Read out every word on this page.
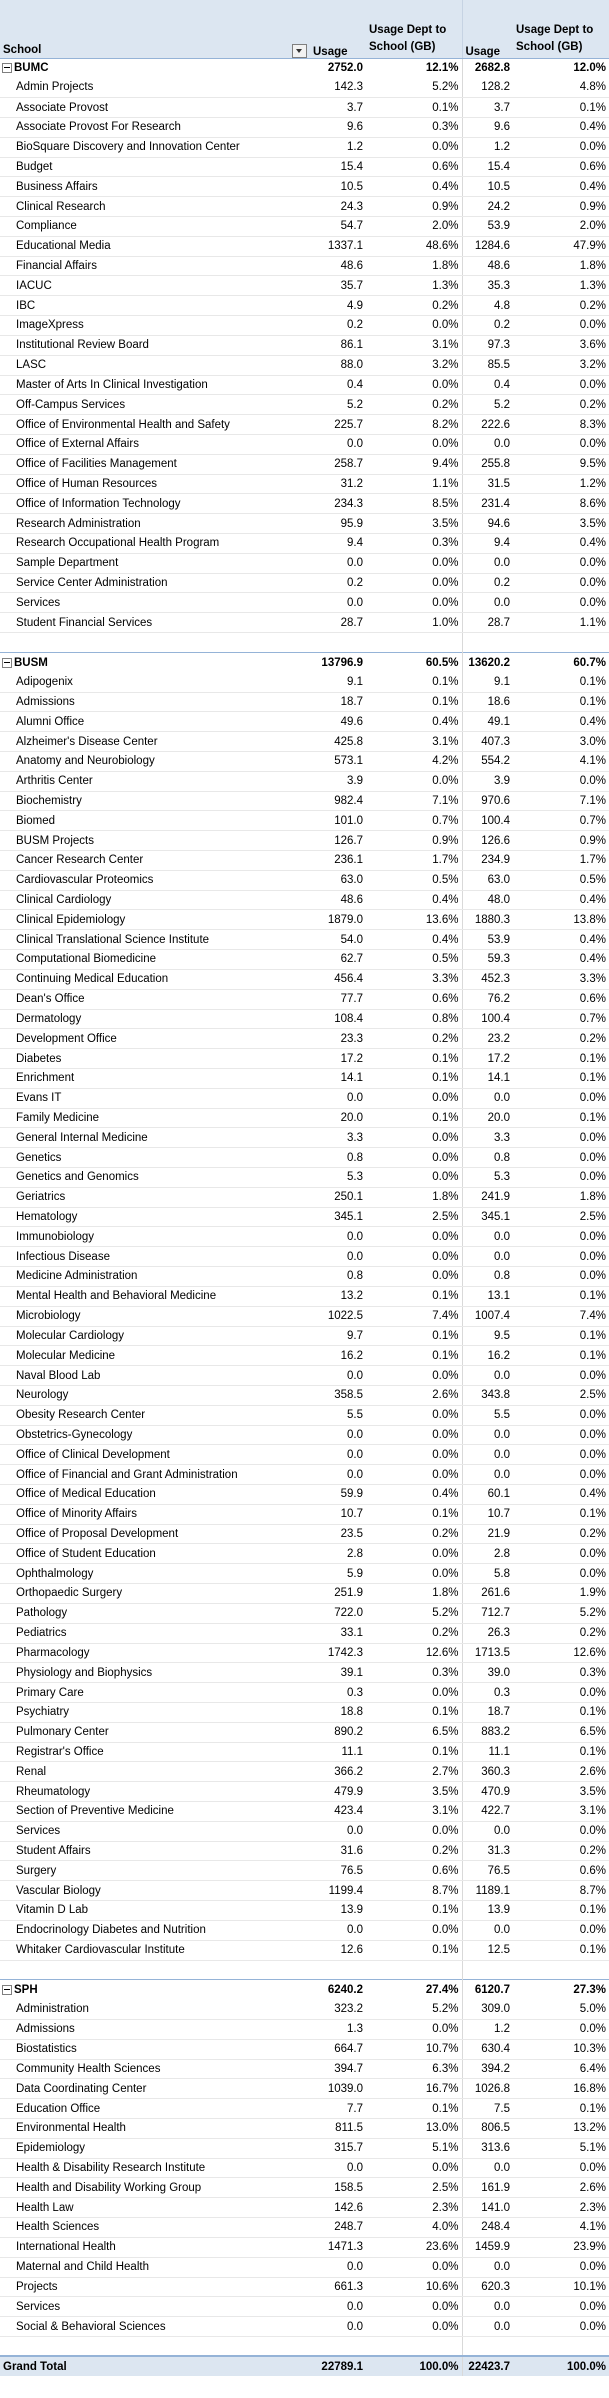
School	Usage	Usage Dept to School (GB)	Usage	Usage Dept to School (GB)
BUMC	2752.0	12.1%	2682.8	12.0%
Admin Projects	142.3	5.2%	128.2	4.8%
Associate Provost	3.7	0.1%	3.7	0.1%
Associate Provost For Research	9.6	0.3%	9.6	0.4%
BioSquare Discovery and Innovation Center	1.2	0.0%	1.2	0.0%
Budget	15.4	0.6%	15.4	0.6%
Business Affairs	10.5	0.4%	10.5	0.4%
Clinical Research	24.3	0.9%	24.2	0.9%
Compliance	54.7	2.0%	53.9	2.0%
Educational Media	1337.1	48.6%	1284.6	47.9%
Financial Affairs	48.6	1.8%	48.6	1.8%
IACUC	35.7	1.3%	35.3	1.3%
IBC	4.9	0.2%	4.8	0.2%
ImageXpress	0.2	0.0%	0.2	0.0%
Institutional Review Board	86.1	3.1%	97.3	3.6%
LASC	88.0	3.2%	85.5	3.2%
Master of Arts In Clinical Investigation	0.4	0.0%	0.4	0.0%
Off-Campus Services	5.2	0.2%	5.2	0.2%
Office of Environmental Health and Safety	225.7	8.2%	222.6	8.3%
Office of External Affairs	0.0	0.0%	0.0	0.0%
Office of Facilities Management	258.7	9.4%	255.8	9.5%
Office of Human Resources	31.2	1.1%	31.5	1.2%
Office of Information Technology	234.3	8.5%	231.4	8.6%
Research Administration	95.9	3.5%	94.6	3.5%
Research Occupational Health Program	9.4	0.3%	9.4	0.4%
Sample Department	0.0	0.0%	0.0	0.0%
Service Center Administration	0.2	0.0%	0.2	0.0%
Services	0.0	0.0%	0.0	0.0%
Student Financial Services	28.7	1.0%	28.7	1.1%

BUSM	13796.9	60.5%	13620.2	60.7%
Adipogenix	9.1	0.1%	9.1	0.1%
Admissions	18.7	0.1%	18.6	0.1%
Alumni Office	49.6	0.4%	49.1	0.4%
Alzheimer's Disease Center	425.8	3.1%	407.3	3.0%
Anatomy and Neurobiology	573.1	4.2%	554.2	4.1%
Arthritis Center	3.9	0.0%	3.9	0.0%
Biochemistry	982.4	7.1%	970.6	7.1%
Biomed	101.0	0.7%	100.4	0.7%
BUSM Projects	126.7	0.9%	126.6	0.9%
Cancer Research Center	236.1	1.7%	234.9	1.7%
Cardiovascular Proteomics	63.0	0.5%	63.0	0.5%
Clinical Cardiology	48.6	0.4%	48.0	0.4%
Clinical Epidemiology	1879.0	13.6%	1880.3	13.8%
Clinical Translational Science Institute	54.0	0.4%	53.9	0.4%
Computational Biomedicine	62.7	0.5%	59.3	0.4%
Continuing Medical Education	456.4	3.3%	452.3	3.3%
Dean's Office	77.7	0.6%	76.2	0.6%
Dermatology	108.4	0.8%	100.4	0.7%
Development Office	23.3	0.2%	23.2	0.2%
Diabetes	17.2	0.1%	17.2	0.1%
Enrichment	14.1	0.1%	14.1	0.1%
Evans IT	0.0	0.0%	0.0	0.0%
Family Medicine	20.0	0.1%	20.0	0.1%
General Internal Medicine	3.3	0.0%	3.3	0.0%
Genetics	0.8	0.0%	0.8	0.0%
Genetics and Genomics	5.3	0.0%	5.3	0.0%
Geriatrics	250.1	1.8%	241.9	1.8%
Hematology	345.1	2.5%	345.1	2.5%
Immunobiology	0.0	0.0%	0.0	0.0%
Infectious Disease	0.0	0.0%	0.0	0.0%
Medicine Administration	0.8	0.0%	0.8	0.0%
Mental Health and Behavioral Medicine	13.2	0.1%	13.1	0.1%
Microbiology	1022.5	7.4%	1007.4	7.4%
Molecular Cardiology	9.7	0.1%	9.5	0.1%
Molecular Medicine	16.2	0.1%	16.2	0.1%
Naval Blood Lab	0.0	0.0%	0.0	0.0%
Neurology	358.5	2.6%	343.8	2.5%
Obesity Research Center	5.5	0.0%	5.5	0.0%
Obstetrics-Gynecology	0.0	0.0%	0.0	0.0%
Office of Clinical Development	0.0	0.0%	0.0	0.0%
Office of Financial and Grant Administration	0.0	0.0%	0.0	0.0%
Office of Medical Education	59.9	0.4%	60.1	0.4%
Office of Minority Affairs	10.7	0.1%	10.7	0.1%
Office of Proposal Development	23.5	0.2%	21.9	0.2%
Office of Student Education	2.8	0.0%	2.8	0.0%
Ophthalmology	5.9	0.0%	5.8	0.0%
Orthopaedic Surgery	251.9	1.8%	261.6	1.9%
Pathology	722.0	5.2%	712.7	5.2%
Pediatrics	33.1	0.2%	26.3	0.2%
Pharmacology	1742.3	12.6%	1713.5	12.6%
Physiology and Biophysics	39.1	0.3%	39.0	0.3%
Primary Care	0.3	0.0%	0.3	0.0%
Psychiatry	18.8	0.1%	18.7	0.1%
Pulmonary Center	890.2	6.5%	883.2	6.5%
Registrar's Office	11.1	0.1%	11.1	0.1%
Renal	366.2	2.7%	360.3	2.6%
Rheumatology	479.9	3.5%	470.9	3.5%
Section of Preventive Medicine	423.4	3.1%	422.7	3.1%
Services	0.0	0.0%	0.0	0.0%
Student Affairs	31.6	0.2%	31.3	0.2%
Surgery	76.5	0.6%	76.5	0.6%
Vascular Biology	1199.4	8.7%	1189.1	8.7%
Vitamin D Lab	13.9	0.1%	13.9	0.1%
Endocrinology Diabetes and Nutrition	0.0	0.0%	0.0	0.0%
Whitaker Cardiovascular Institute	12.6	0.1%	12.5	0.1%

SPH	6240.2	27.4%	6120.7	27.3%
Administration	323.2	5.2%	309.0	5.0%
Admissions	1.3	0.0%	1.2	0.0%
Biostatistics	664.7	10.7%	630.4	10.3%
Community Health Sciences	394.7	6.3%	394.2	6.4%
Data Coordinating Center	1039.0	16.7%	1026.8	16.8%
Education Office	7.7	0.1%	7.5	0.1%
Environmental Health	811.5	13.0%	806.5	13.2%
Epidemiology	315.7	5.1%	313.6	5.1%
Health & Disability Research Institute	0.0	0.0%	0.0	0.0%
Health and Disability Working Group	158.5	2.5%	161.9	2.6%
Health Law	142.6	2.3%	141.0	2.3%
Health Sciences	248.7	4.0%	248.4	4.1%
International Health	1471.3	23.6%	1459.9	23.9%
Maternal and Child Health	0.0	0.0%	0.0	0.0%
Projects	661.3	10.6%	620.3	10.1%
Services	0.0	0.0%	0.0	0.0%
Social & Behavioral Sciences	0.0	0.0%	0.0	0.0%

Grand Total	22789.1	100.0%	22423.7	100.0%
